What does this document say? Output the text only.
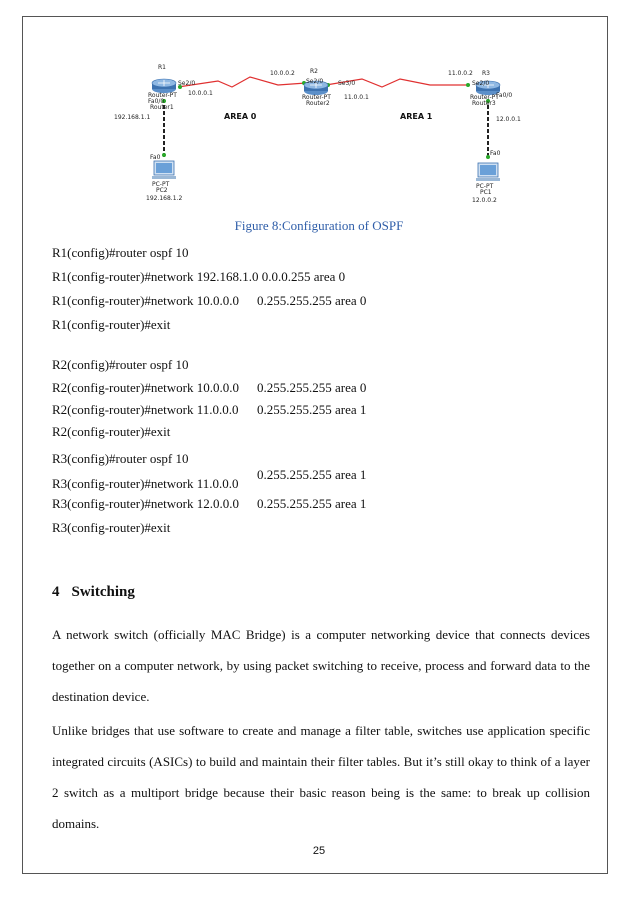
R1
Se2/0
Router-PT
Fa0/0
Router1
10.0.0.1
192.168.1.1
10.0.0.2	R2
Se2/0 Se3/0
Router-PT
Router2
11.0.0.1
11.0.0.2 R3
Se2/0
Router-PT
Router3
Fa0/0
12.0.0.1
Fa0
PC-PT
PC2
192.168.1.2
Fa0
PC-PT
PC1
12.0.0.2
AREA 0	AREA 1
Figure 8:Configuration of OSPF
R1(config)#router ospf 10
R1(config-router)#network 192.168.1.0 0.0.0.255 area 0
R1(config-router)#network 10.0.0.0 0.255.255.255 area 0
R1(config-router)#exit
R2(config)#router ospf 10
R2(config-router)#network 10.0.0.0 0.255.255.255 area 0
R2(config-router)#network 11.0.0.0 0.255.255.255 area 1
R2(config-router)#exit
R3(config)#router ospf 10
R3(config-router)#network 11.0.0.0
0.255.255.255 area 1
R3(config-router)#network 12.0.0.0 0.255.255.255 area 1
R3(config-router)#exit
4 Switching
A network switch (officially MAC Bridge) is a computer networking device that connects devices together on a computer network, by using packet switching to receive, process and forward data to the destination device.
Unlike bridges that use software to create and manage a filter table, switches use application specific integrated circuits (ASICs) to build and maintain their filter tables. But it’s still okay to think of a layer 2 switch as a multiport bridge because their basic reason being is the same: to break up collision domains.
25
